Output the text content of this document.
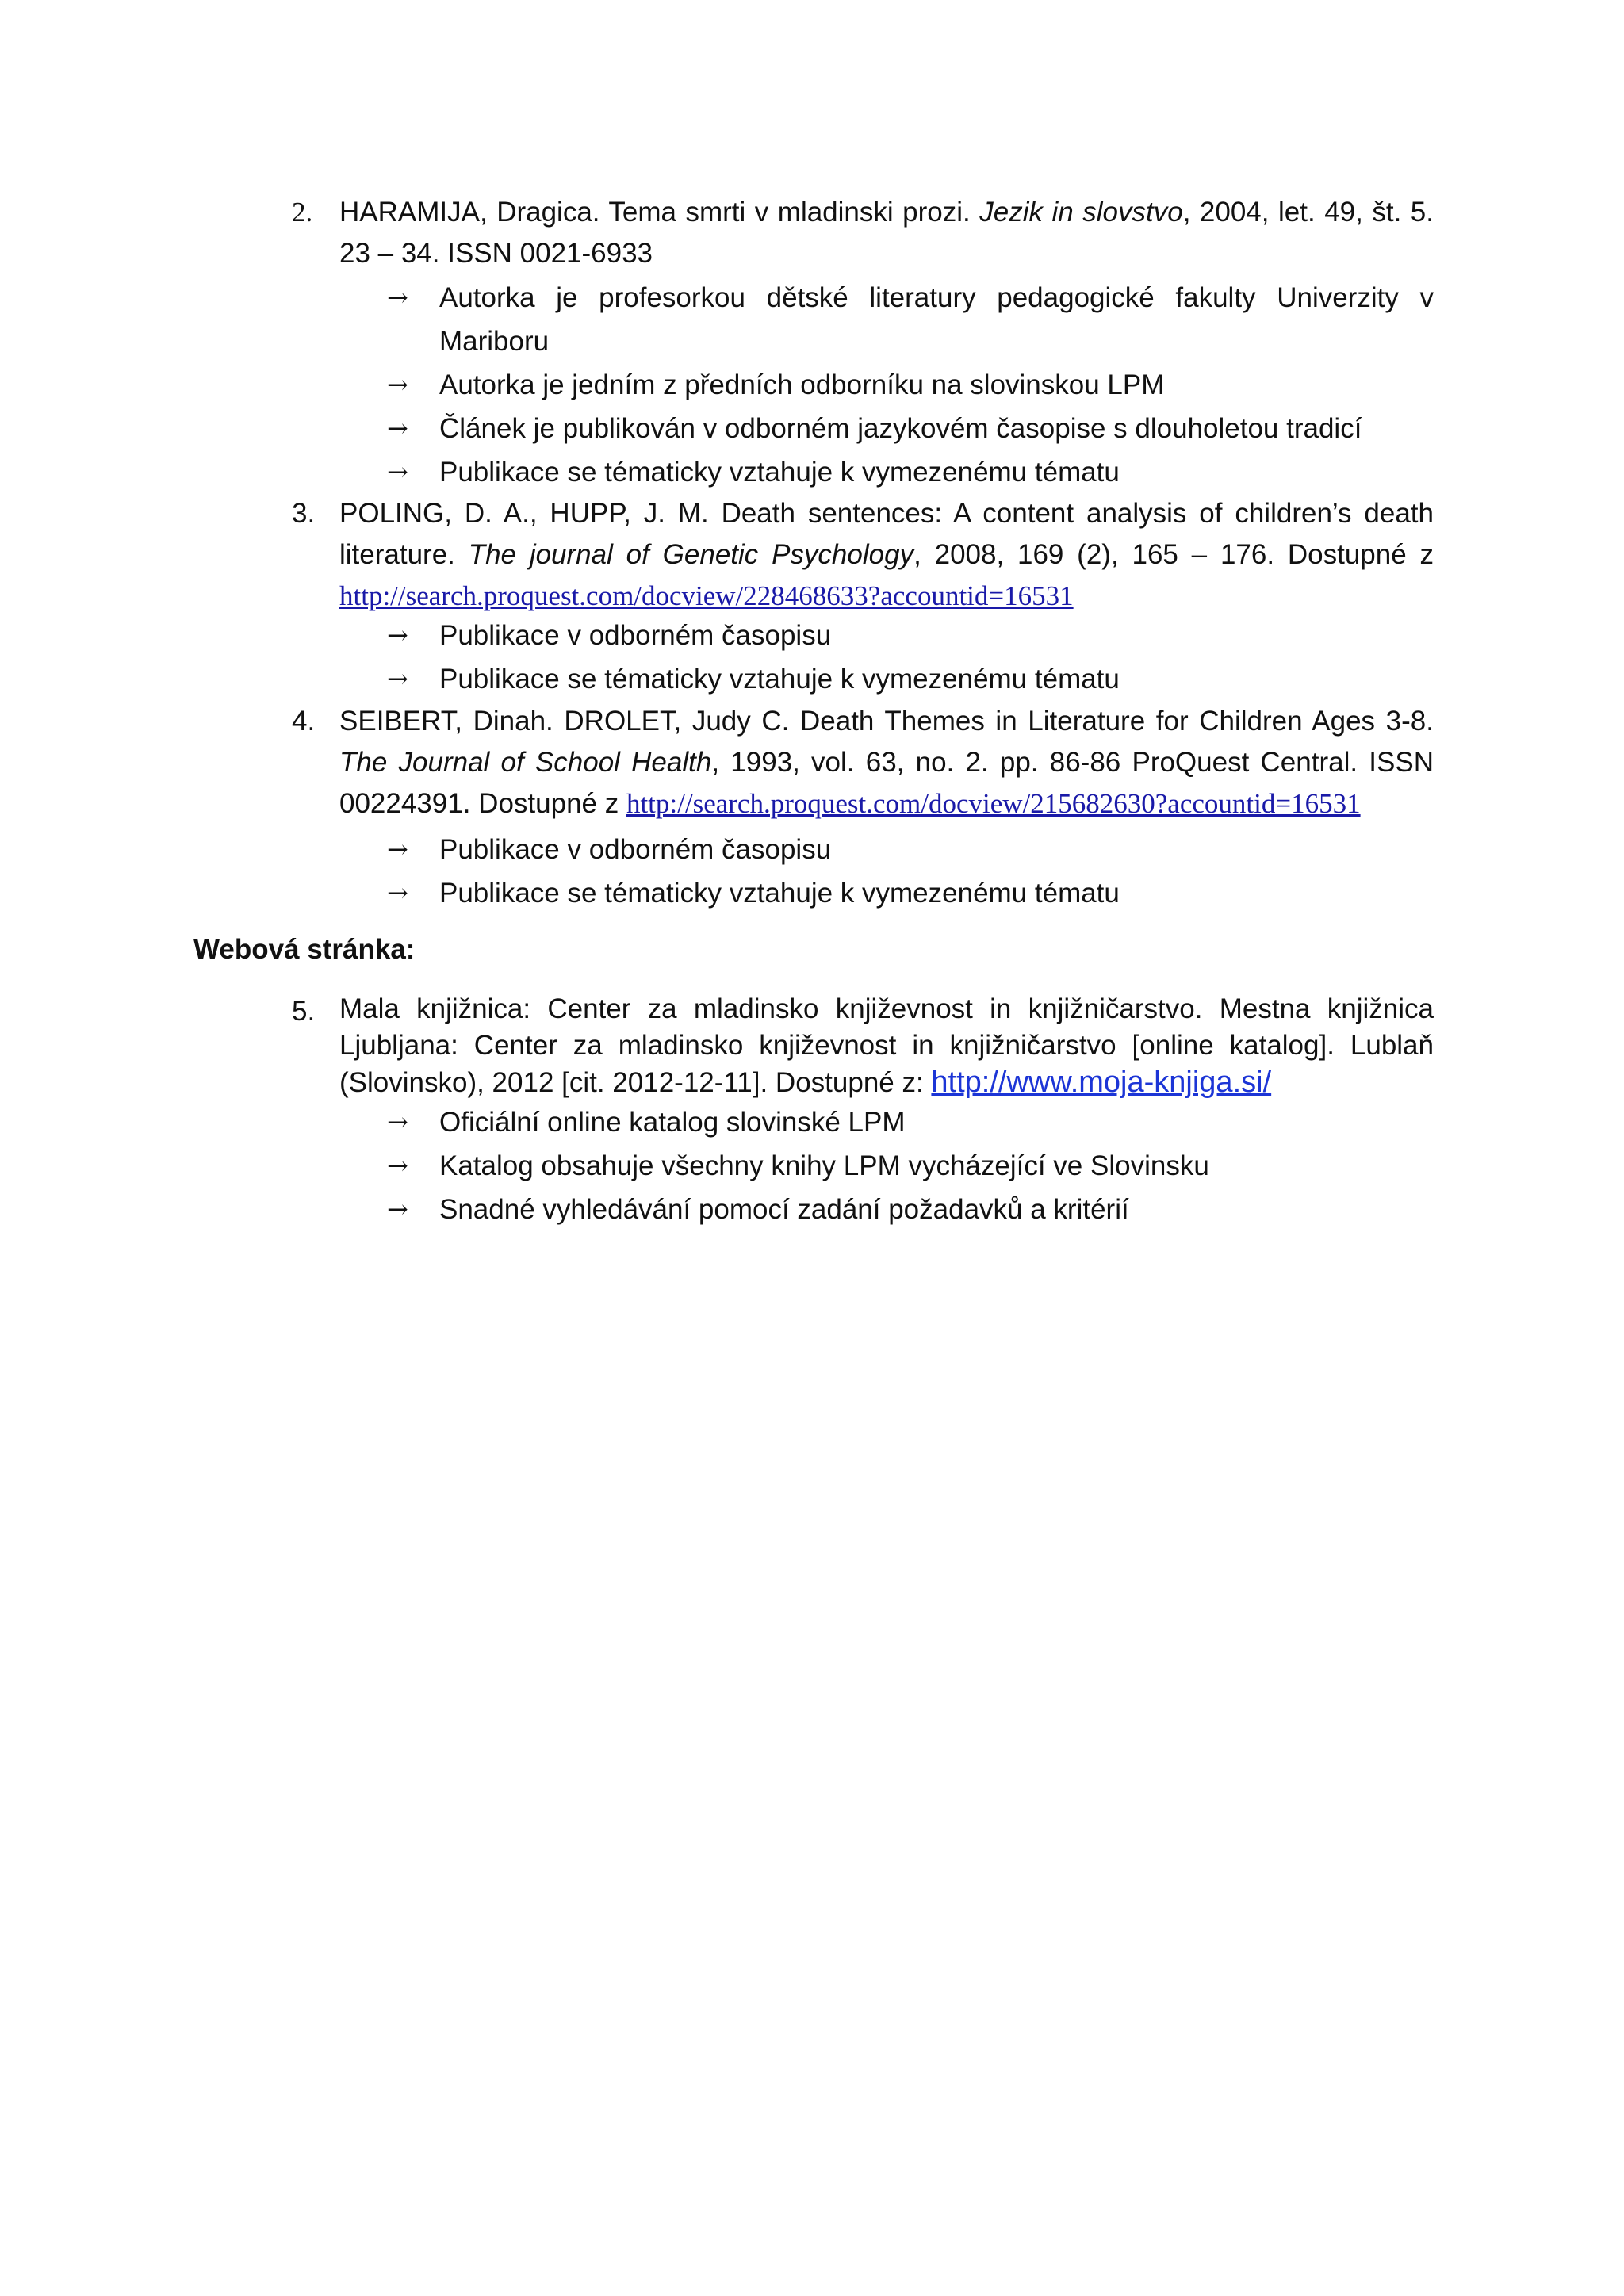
2. HARAMIJA, Dragica. Tema smrti v mladinski prozi. Jezik in slovstvo, 2004, let. 49, št. 5. 23 – 34. ISSN 0021-6933
→ Autorka je profesorkou dětské literatury pedagogické fakulty Univerzity v Mariboru
→ Autorka je jedním z předních odborníku na slovinskou LPM
→ Článek je publikován v odborném jazykovém časopise s dlouholetou tradicí
→ Publikace se tématicky vztahuje k vymezenému tématu
3. POLING, D. A., HUPP, J. M. Death sentences: A content analysis of children’s death literature. The journal of Genetic Psychology, 2008, 169 (2), 165 – 176. Dostupné z http://search.proquest.com/docview/228468633?accountid=16531
→ Publikace v odborném časopisu
→ Publikace se tématicky vztahuje k vymezenému tématu
4. SEIBERT, Dinah. DROLET, Judy C. Death Themes in Literature for Children Ages 3-8. The Journal of School Health, 1993, vol. 63, no. 2. pp. 86-86 ProQuest Central. ISSN 00224391. Dostupné z http://search.proquest.com/docview/215682630?accountid=16531
→ Publikace v odborném časopisu
→ Publikace se tématicky vztahuje k vymezenému tématu
Webová stránka:
5. Mala knjižnica: Center za mladinsko književnost in knjižničarstvo. Mestna knjižnica Ljubljana: Center za mladinsko književnost in knjižničarstvo [online katalog]. Lublaň (Slovinsko), 2012 [cit. 2012-12-11]. Dostupné z: http://www.moja-knjiga.si/
→ Oficiální online katalog slovinské LPM
→ Katalog obsahuje všechny knihy LPM vycházející ve Slovinsku
→ Snadné vyhledávání pomocí zadání požadavků a kritérií
